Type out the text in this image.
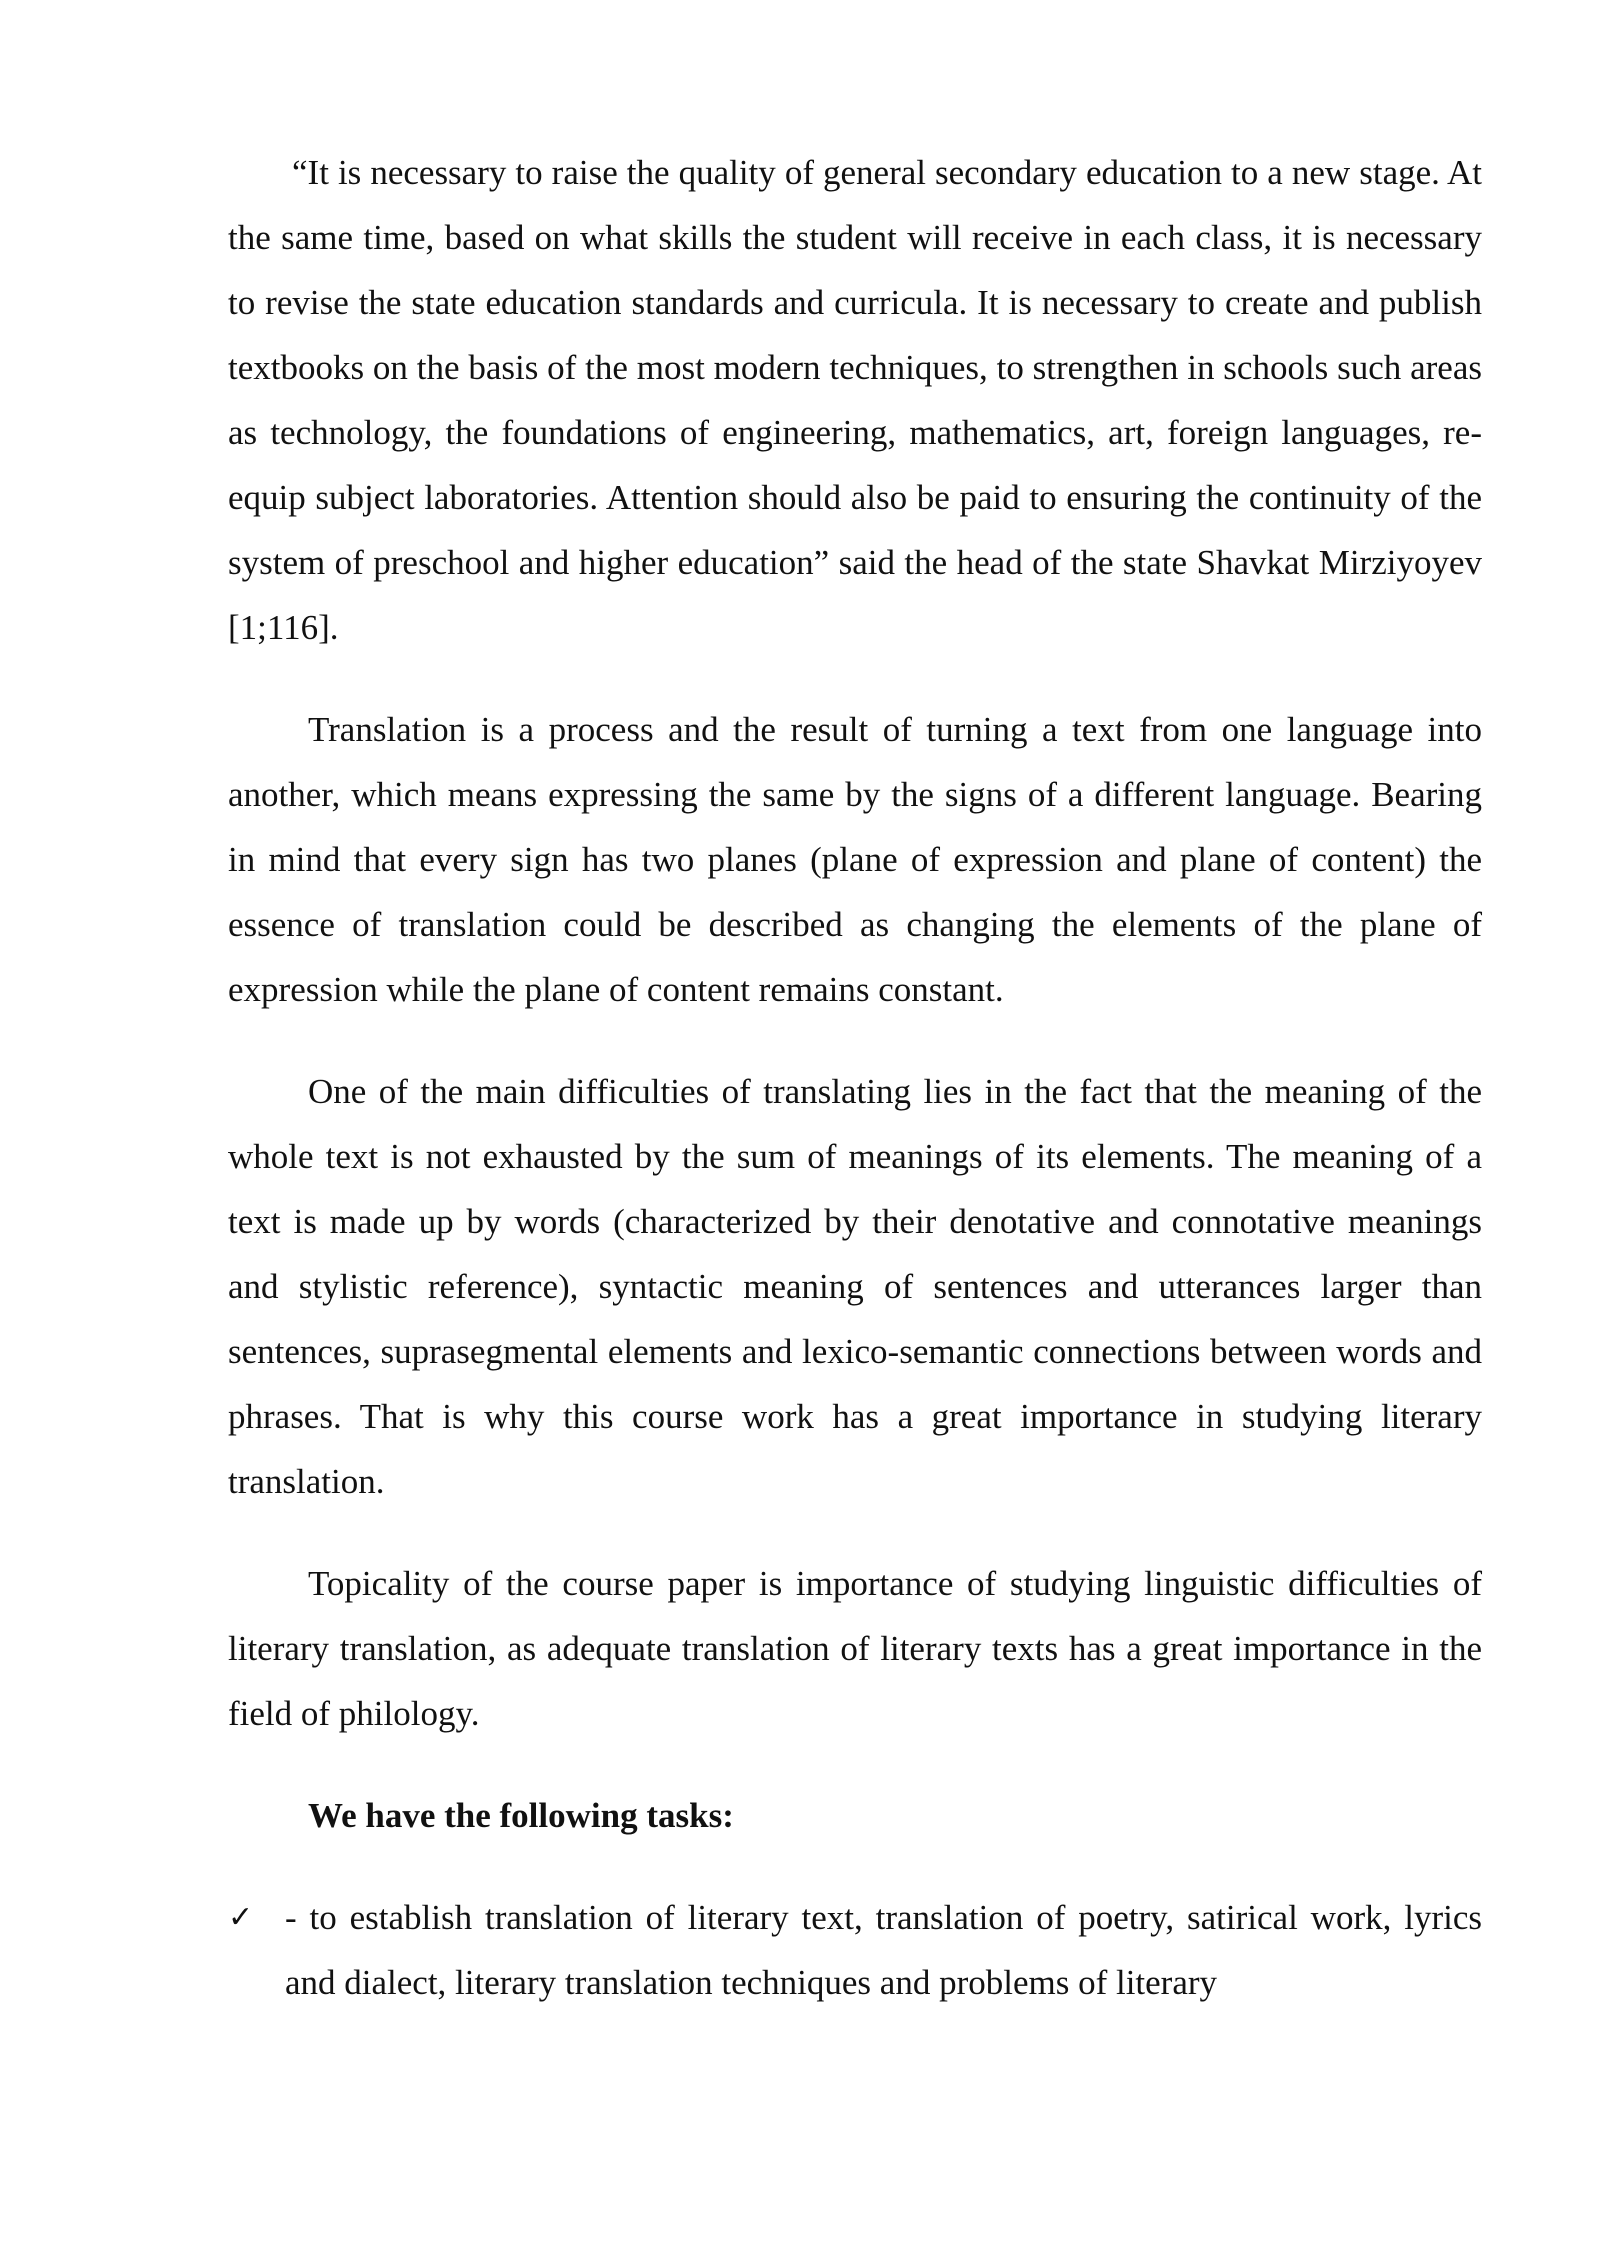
“It is necessary to raise the quality of general secondary education to a new stage. At the same time, based on what skills the student will receive in each class, it is necessary to revise the state education standards and curricula. It is necessary to create and publish textbooks on the basis of the most modern techniques, to strengthen in schools such areas as technology, the foundations of engineering, mathematics, art, foreign languages, re-equip subject laboratories. Attention should also be paid to ensuring the continuity of the system of preschool and higher education” said the head of the state Shavkat Mirziyoyev [1;116].

Translation is a process and the result of turning a text from one language into another, which means expressing the same by the signs of a different language. Bearing in mind that every sign has two planes (plane of expression and plane of content) the essence of translation could be described as changing the elements of the plane of expression while the plane of content remains constant.

One of the main difficulties of translating lies in the fact that the meaning of the whole text is not exhausted by the sum of meanings of its elements. The meaning of a text is made up by words (characterized by their denotative and connotative meanings and stylistic reference), syntactic meaning of sentences and utterances larger than sentences, suprasegmental elements and lexico-semantic connections between words and phrases. That is why this course work has a great importance in studying literary translation.

Topicality of the course paper is importance of studying linguistic difficulties of literary translation, as adequate translation of literary texts has a great importance in the field of philology.

We have the following tasks:

✓ - to establish translation of literary text, translation of poetry, satirical work, lyrics and dialect, literary translation techniques and problems of literary
